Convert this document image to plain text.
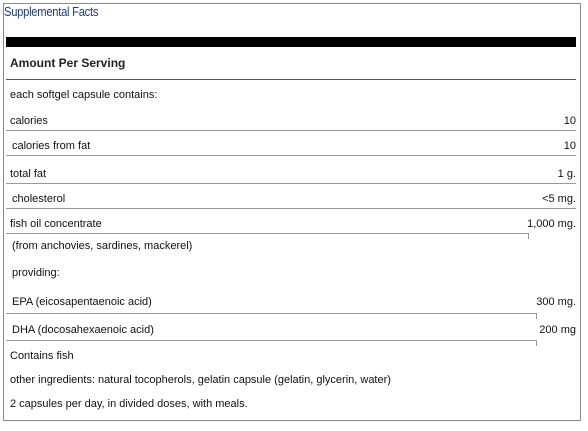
Supplemental Facts
Amount Per Serving
each softgel capsule contains:
calories	10
calories from fat	10
total fat	1 g.
cholesterol	<5 mg.
fish oil concentrate	1,000 mg.
(from anchovies, sardines, mackerel)
providing:
EPA (eicosapentaenoic acid)	300 mg.
DHA (docosahexaenoic acid)	200 mg
Contains fish
other ingredients: natural tocopherols, gelatin capsule (gelatin, glycerin, water)
2 capsules per day, in divided doses, with meals.
